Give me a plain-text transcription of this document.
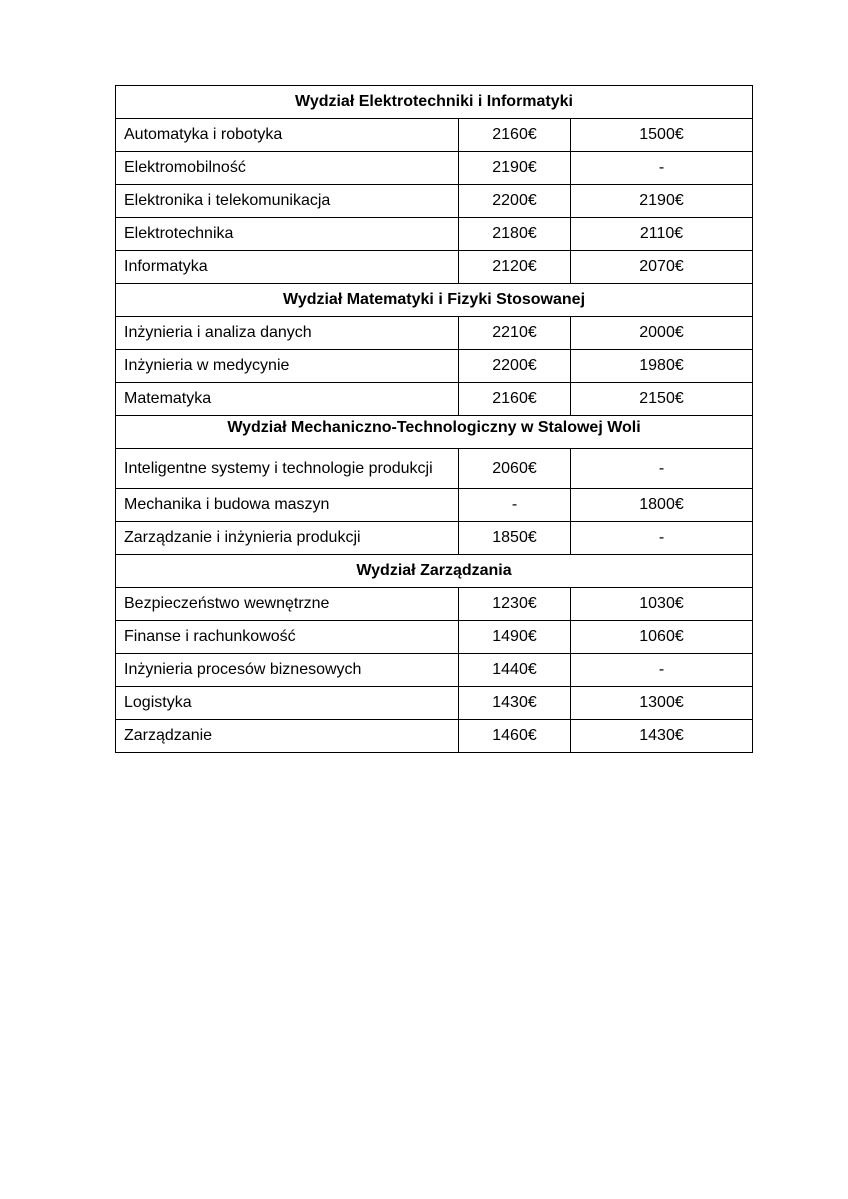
Wydział Elektrotechniki i Informatyki		
Automatyka i robotyka	2160€	1500€
Elektromobilność	2190€	-
Elektronika i telekomunikacja	2200€	2190€
Elektrotechnika	2180€	2110€
Informatyka	2120€	2070€
Wydział Matematyki i Fizyki Stosowanej		
Inżynieria i analiza danych	2210€	2000€
Inżynieria w medycynie	2200€	1980€
Matematyka	2160€	2150€
Wydział Mechaniczno-Technologiczny w Stalowej Woli		
Inteligentne systemy i technologie produkcji	2060€	-
Mechanika i budowa maszyn	-	1800€
Zarządzanie i inżynieria produkcji	1850€	-
Wydział Zarządzania		
Bezpieczeństwo wewnętrzne	1230€	1030€
Finanse i rachunkowość	1490€	1060€
Inżynieria procesów biznesowych	1440€	-
Logistyka	1430€	1300€
Zarządzanie	1460€	1430€
